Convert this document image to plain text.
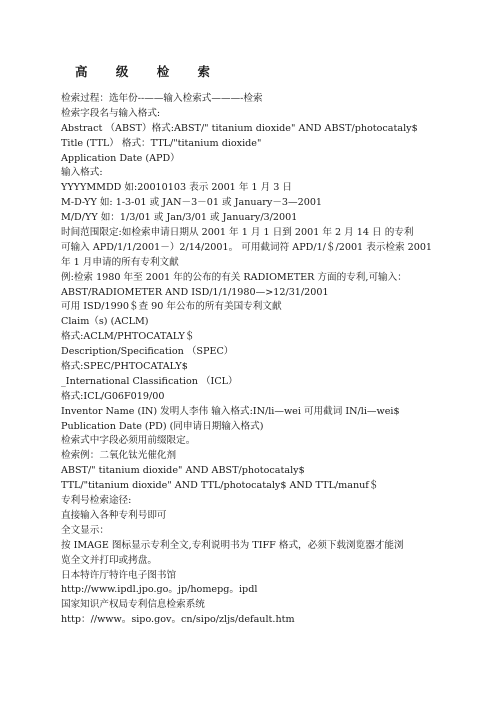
高 级 检 索
检索过程：选年份--——输入检索式———-检索
检索字段名与输入格式:
Abstract （ABST）格式:ABST/" titanium dioxide" AND ABST/photocataly$
Title (TTL） 格式：TTL/"titanium dioxide"
Application Date (APD）
输入格式:
YYYYMMDD 如:20010103 表示 2001 年 1 月 3 日
M-D-YY 如: 1-3-01 或 JAN－3－01 或 January－3—2001
M/D/YY 如：1/3/01 或 Jan/3/01 或 January/3/2001
时间范围限定:如检索申请日期从 2001 年 1 月 1 日到 2001 年 2 月 14 日 的专利
可输入 APD/1/1/2001－）2/14/2001。 可用截词符 APD/1/＄/2001 表示检索 2001
年 1 月申请的所有专利文献
例:检索 1980 年至 2001 年的公布的有关 RADIOMETER 方面的专利,可输入：
ABST/RADIOMETER AND ISD/1/1/1980—>12/31/2001
可用 ISD/1990＄查 90 年公布的所有美国专利文献
Claim（s) (ACLM)
格式:ACLM/PHTOCATALY＄
Description/Specification （SPEC）
格式:SPEC/PHTOCATALY$
_International Classification （ICL）
格式:ICL/G06F019/00
Inventor Name (IN) 发明人李伟 输入格式:IN/li—wei 可用截词 IN/li—wei$
Publication Date (PD) (同申请日期输入格式)
检索式中字段必须用前缀限定。
检索例：二氧化钛光催化剂
ABST/" titanium dioxide" AND ABST/photocataly$
TTL/"titanium dioxide" AND TTL/photocataly$ AND TTL/manuf＄
专利号检索途径:
直接输入各种专利号即可
全文显示：
按 IMAGE 图标显示专利全文,专利说明书为 TIFF 格式，必须下载浏览器才能浏
览全文并打印或拷盘。
日本特许厅特许电子图书馆
http://www.ipdl.jpo.go。jp/homepg。ipdl
国家知识产权局专利信息检索系统
http：//www。sipo.gov。cn/sipo/zljs/default.htm
